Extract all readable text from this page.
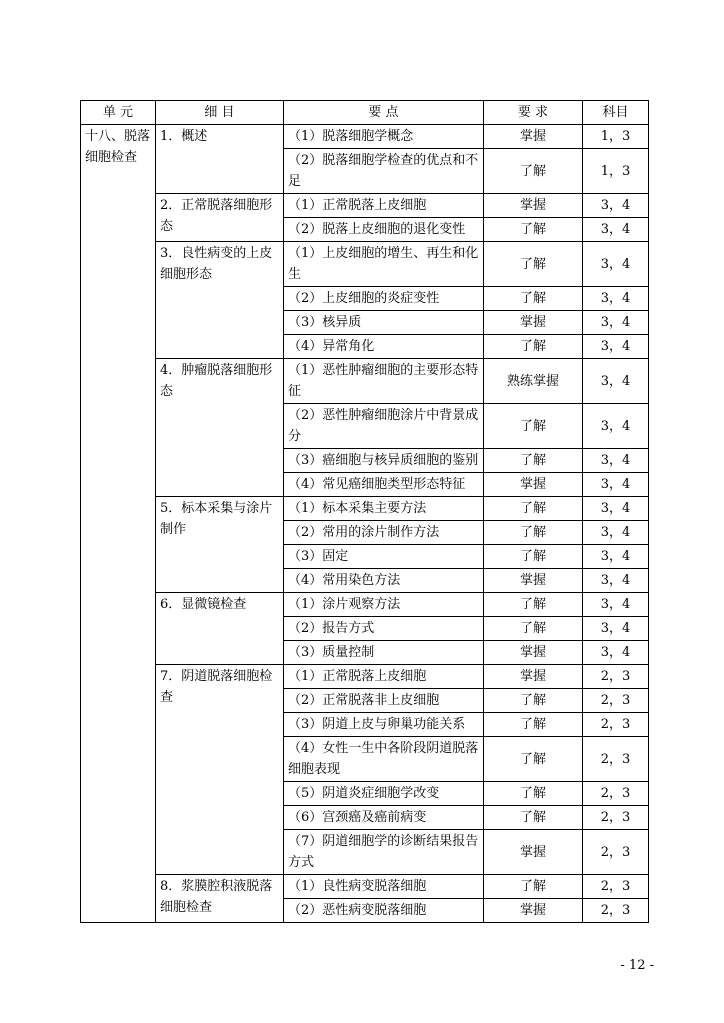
单 元	细 目	要 点	要 求	科目
十八、脱落细胞检查	1．概述	（1）脱落细胞学概念	掌握	1，3
		（2）脱落细胞学检查的优点和不足	了解	1，3
	2．正常脱落细胞形态	（1）正常脱落上皮细胞	掌握	3，4
		（2）脱落上皮细胞的退化变性	了解	3，4
	3．良性病变的上皮细胞形态	（1）上皮细胞的增生、再生和化生	了解	3，4
		（2）上皮细胞的炎症变性	了解	3，4
		（3）核异质	掌握	3，4
		（4）异常角化	了解	3，4
	4．肿瘤脱落细胞形态	（1）恶性肿瘤细胞的主要形态特征	熟练掌握	3，4
		（2）恶性肿瘤细胞涂片中背景成分	了解	3，4
		（3）癌细胞与核异质细胞的鉴别	了解	3，4
		（4）常见癌细胞类型形态特征	掌握	3，4
	5．标本采集与涂片制作	（1）标本采集主要方法	了解	3，4
		（2）常用的涂片制作方法	了解	3，4
		（3）固定	了解	3，4
		（4）常用染色方法	掌握	3，4
	6．显微镜检查	（1）涂片观察方法	了解	3，4
		（2）报告方式	了解	3，4
		（3）质量控制	掌握	3，4
	7．阴道脱落细胞检查	（1）正常脱落上皮细胞	掌握	2，3
		（2）正常脱落非上皮细胞	了解	2，3
		（3）阴道上皮与卵巢功能关系	了解	2，3
		（4）女性一生中各阶段阴道脱落细胞表现	了解	2，3
		（5）阴道炎症细胞学改变	了解	2，3
		（6）宫颈癌及癌前病变	了解	2，3
		（7）阴道细胞学的诊断结果报告方式	掌握	2，3
	8．浆膜腔积液脱落细胞检查	（1）良性病变脱落细胞	了解	2，3
		（2）恶性病变脱落细胞	掌握	2，3
- 12 -
